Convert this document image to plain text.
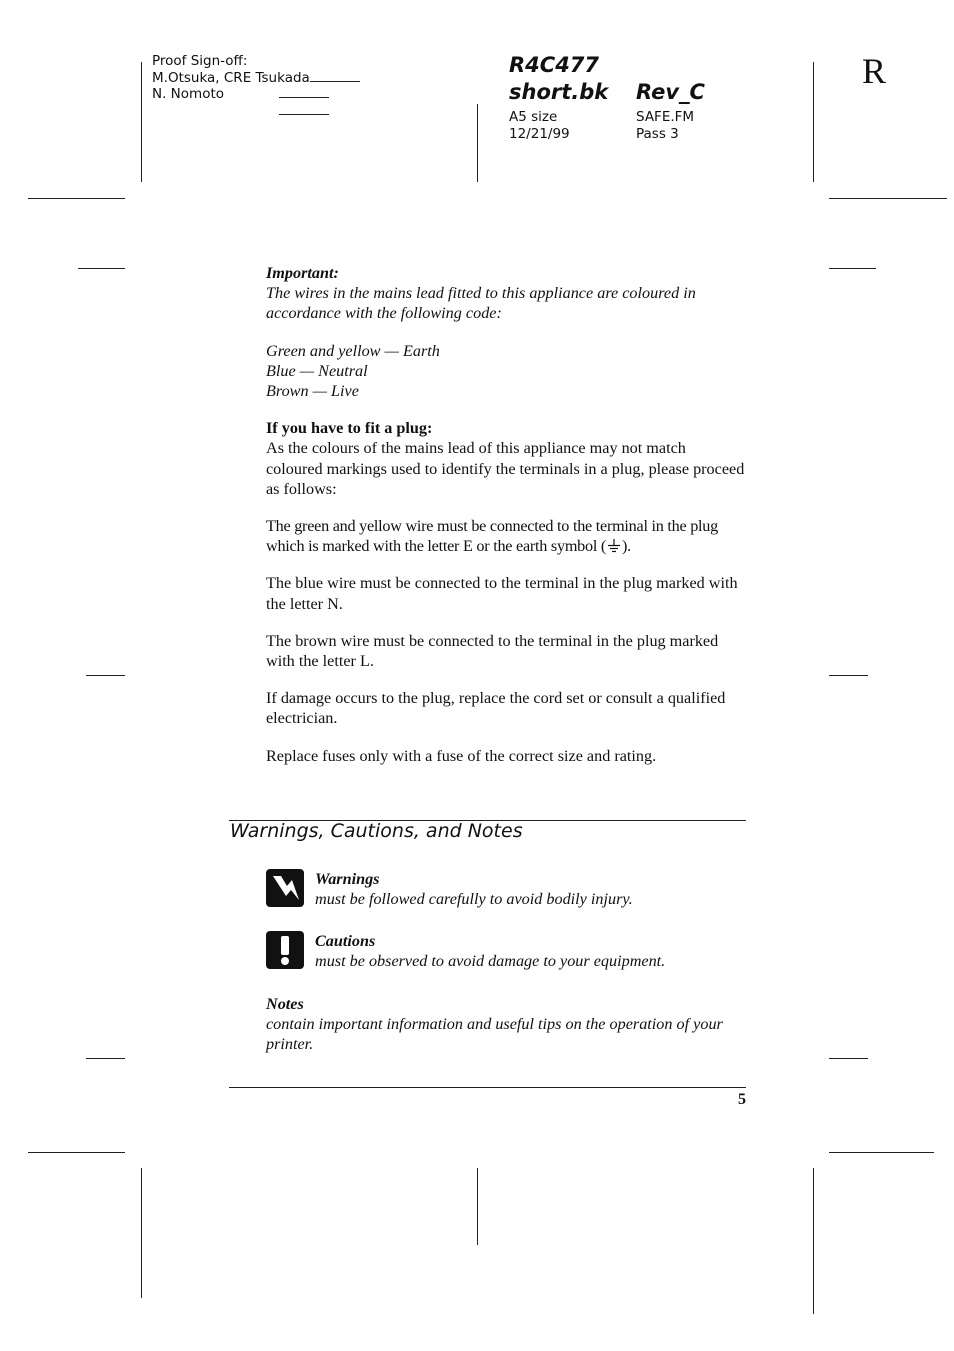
Proof Sign-off:
M.Otsuka, CRE Tsukada
N. Nomoto
R4C477
short.bk
A5 size
12/21/99
Rev_C
SAFE.FM
Pass 3
R

Important:
The wires in the mains lead fitted to this appliance are coloured in accordance with the following code:

Green and yellow — Earth
Blue — Neutral
Brown — Live

If you have to fit a plug:
As the colours of the mains lead of this appliance may not match coloured markings used to identify the terminals in a plug, please proceed as follows:

The green and yellow wire must be connected to the terminal in the plug which is marked with the letter E or the earth symbol ( ).

The blue wire must be connected to the terminal in the plug marked with the letter N.

The brown wire must be connected to the terminal in the plug marked with the letter L.

If damage occurs to the plug, replace the cord set or consult a qualified electrician.

Replace fuses only with a fuse of the correct size and rating.

Warnings, Cautions, and Notes
Warnings
must be followed carefully to avoid bodily injury.
Cautions
must be observed to avoid damage to your equipment.
Notes
contain important information and useful tips on the operation of your printer.
5
